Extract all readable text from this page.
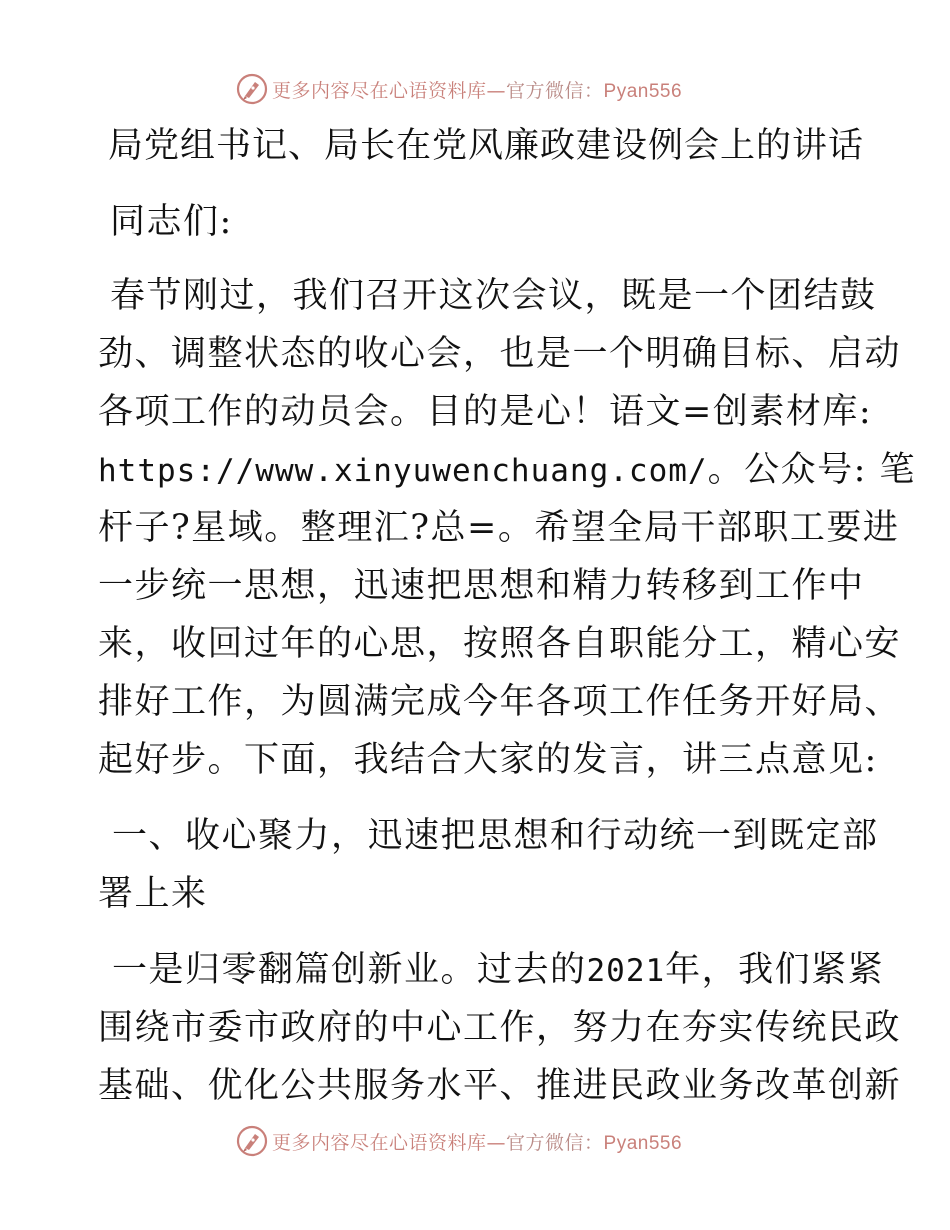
更多内容尽在心语资料库—官方微信：Pyan556
局党组书记、局长在党风廉政建设例会上的讲话
同志们:
春节刚过，我们召开这次会议，既是一个团结鼓
劲、调整状态的收心会，也是一个明确目标、启动
各项工作的动员会。目的是心！语文=创素材库:
https://www.xinyuwenchuang.com/。公众号: 笔
杆子?星域。整理汇?总=。希望全局干部职工要进
一步统一思想，迅速把思想和精力转移到工作中
来，收回过年的心思，按照各自职能分工，精心安
排好工作，为圆满完成今年各项工作任务开好局、
起好步。下面，我结合大家的发言，讲三点意见:
一、收心聚力，迅速把思想和行动统一到既定部
署上来
一是归零翻篇创新业。过去的2021年，我们紧紧
围绕市委市政府的中心工作，努力在夯实传统民政
基础、优化公共服务水平、推进民政业务改革创新
更多内容尽在心语资料库—官方微信：Pyan556
